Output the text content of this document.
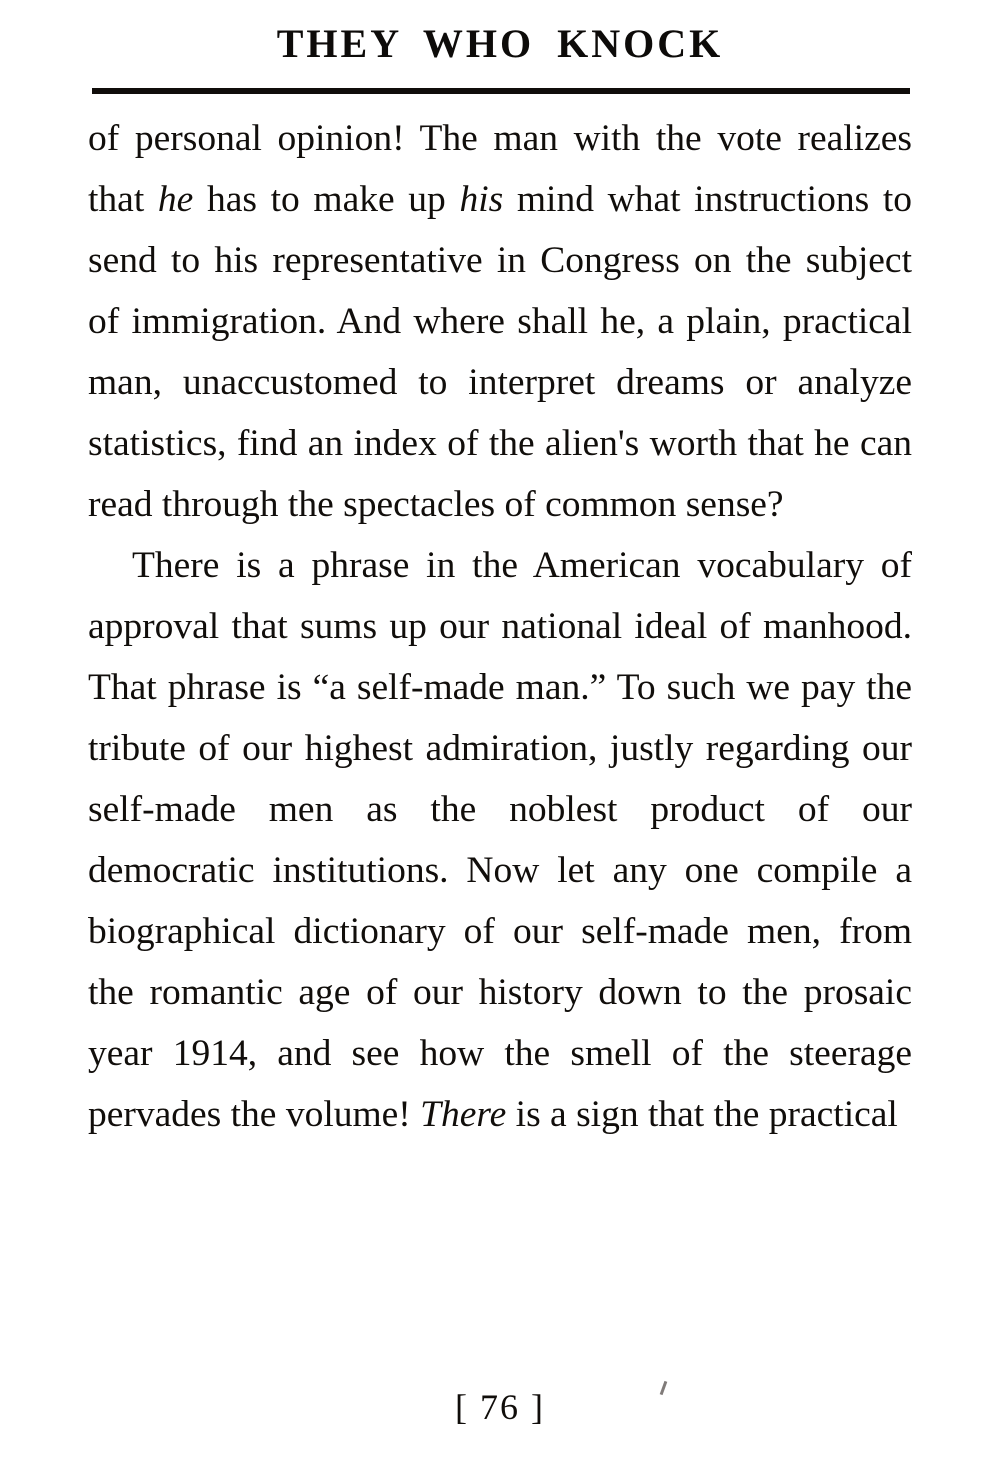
THEY WHO KNOCK

of personal opinion! The man with the vote realizes that he has to make up his mind what instructions to send to his representative in Congress on the subject of immigration. And where shall he, a plain, practical man, unaccustomed to interpret dreams or analyze statistics, find an index of the alien's worth that he can read through the spectacles of common sense?

There is a phrase in the American vocabulary of approval that sums up our national ideal of manhood. That phrase is “a self-made man.” To such we pay the tribute of our highest admiration, justly regarding our self-made men as the noblest product of our democratic institutions. Now let any one compile a biographical dictionary of our self-made men, from the romantic age of our history down to the prosaic year 1914, and see how the smell of the steerage pervades the volume! There is a sign that the practical

[ 76 ]
